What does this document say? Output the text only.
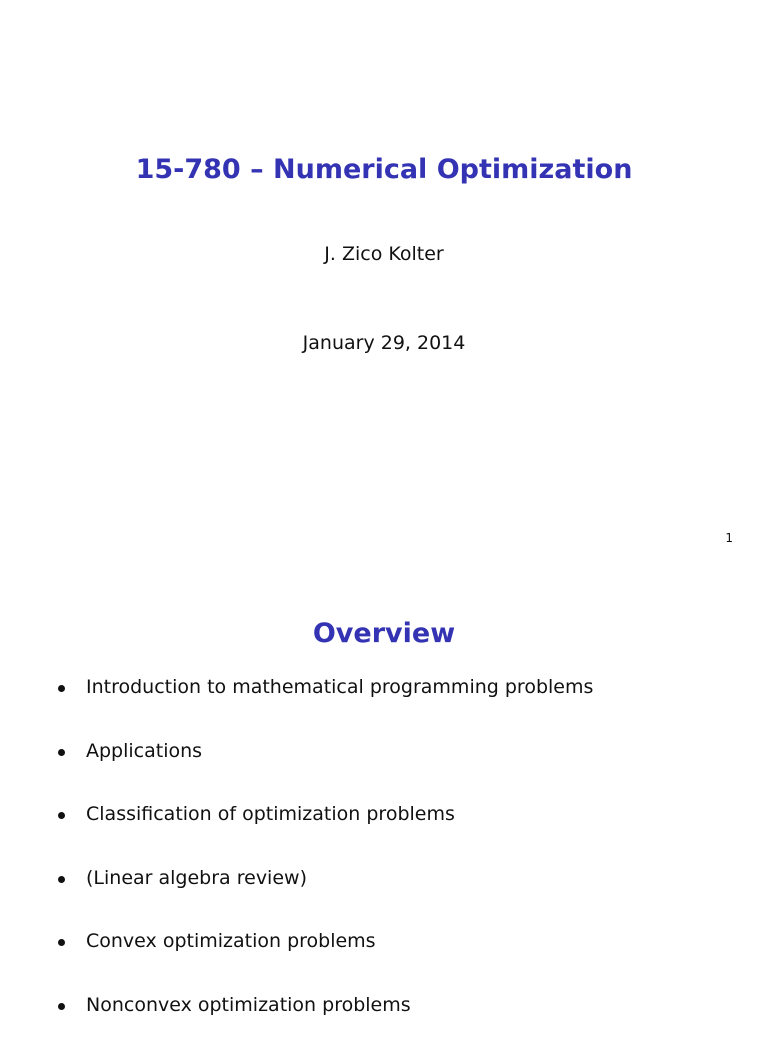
15-780 – Numerical Optimization
J. Zico Kolter
January 29, 2014
1
Overview
Introduction to mathematical programming problems
Applications
Classification of optimization problems
(Linear algebra review)
Convex optimization problems
Nonconvex optimization problems
